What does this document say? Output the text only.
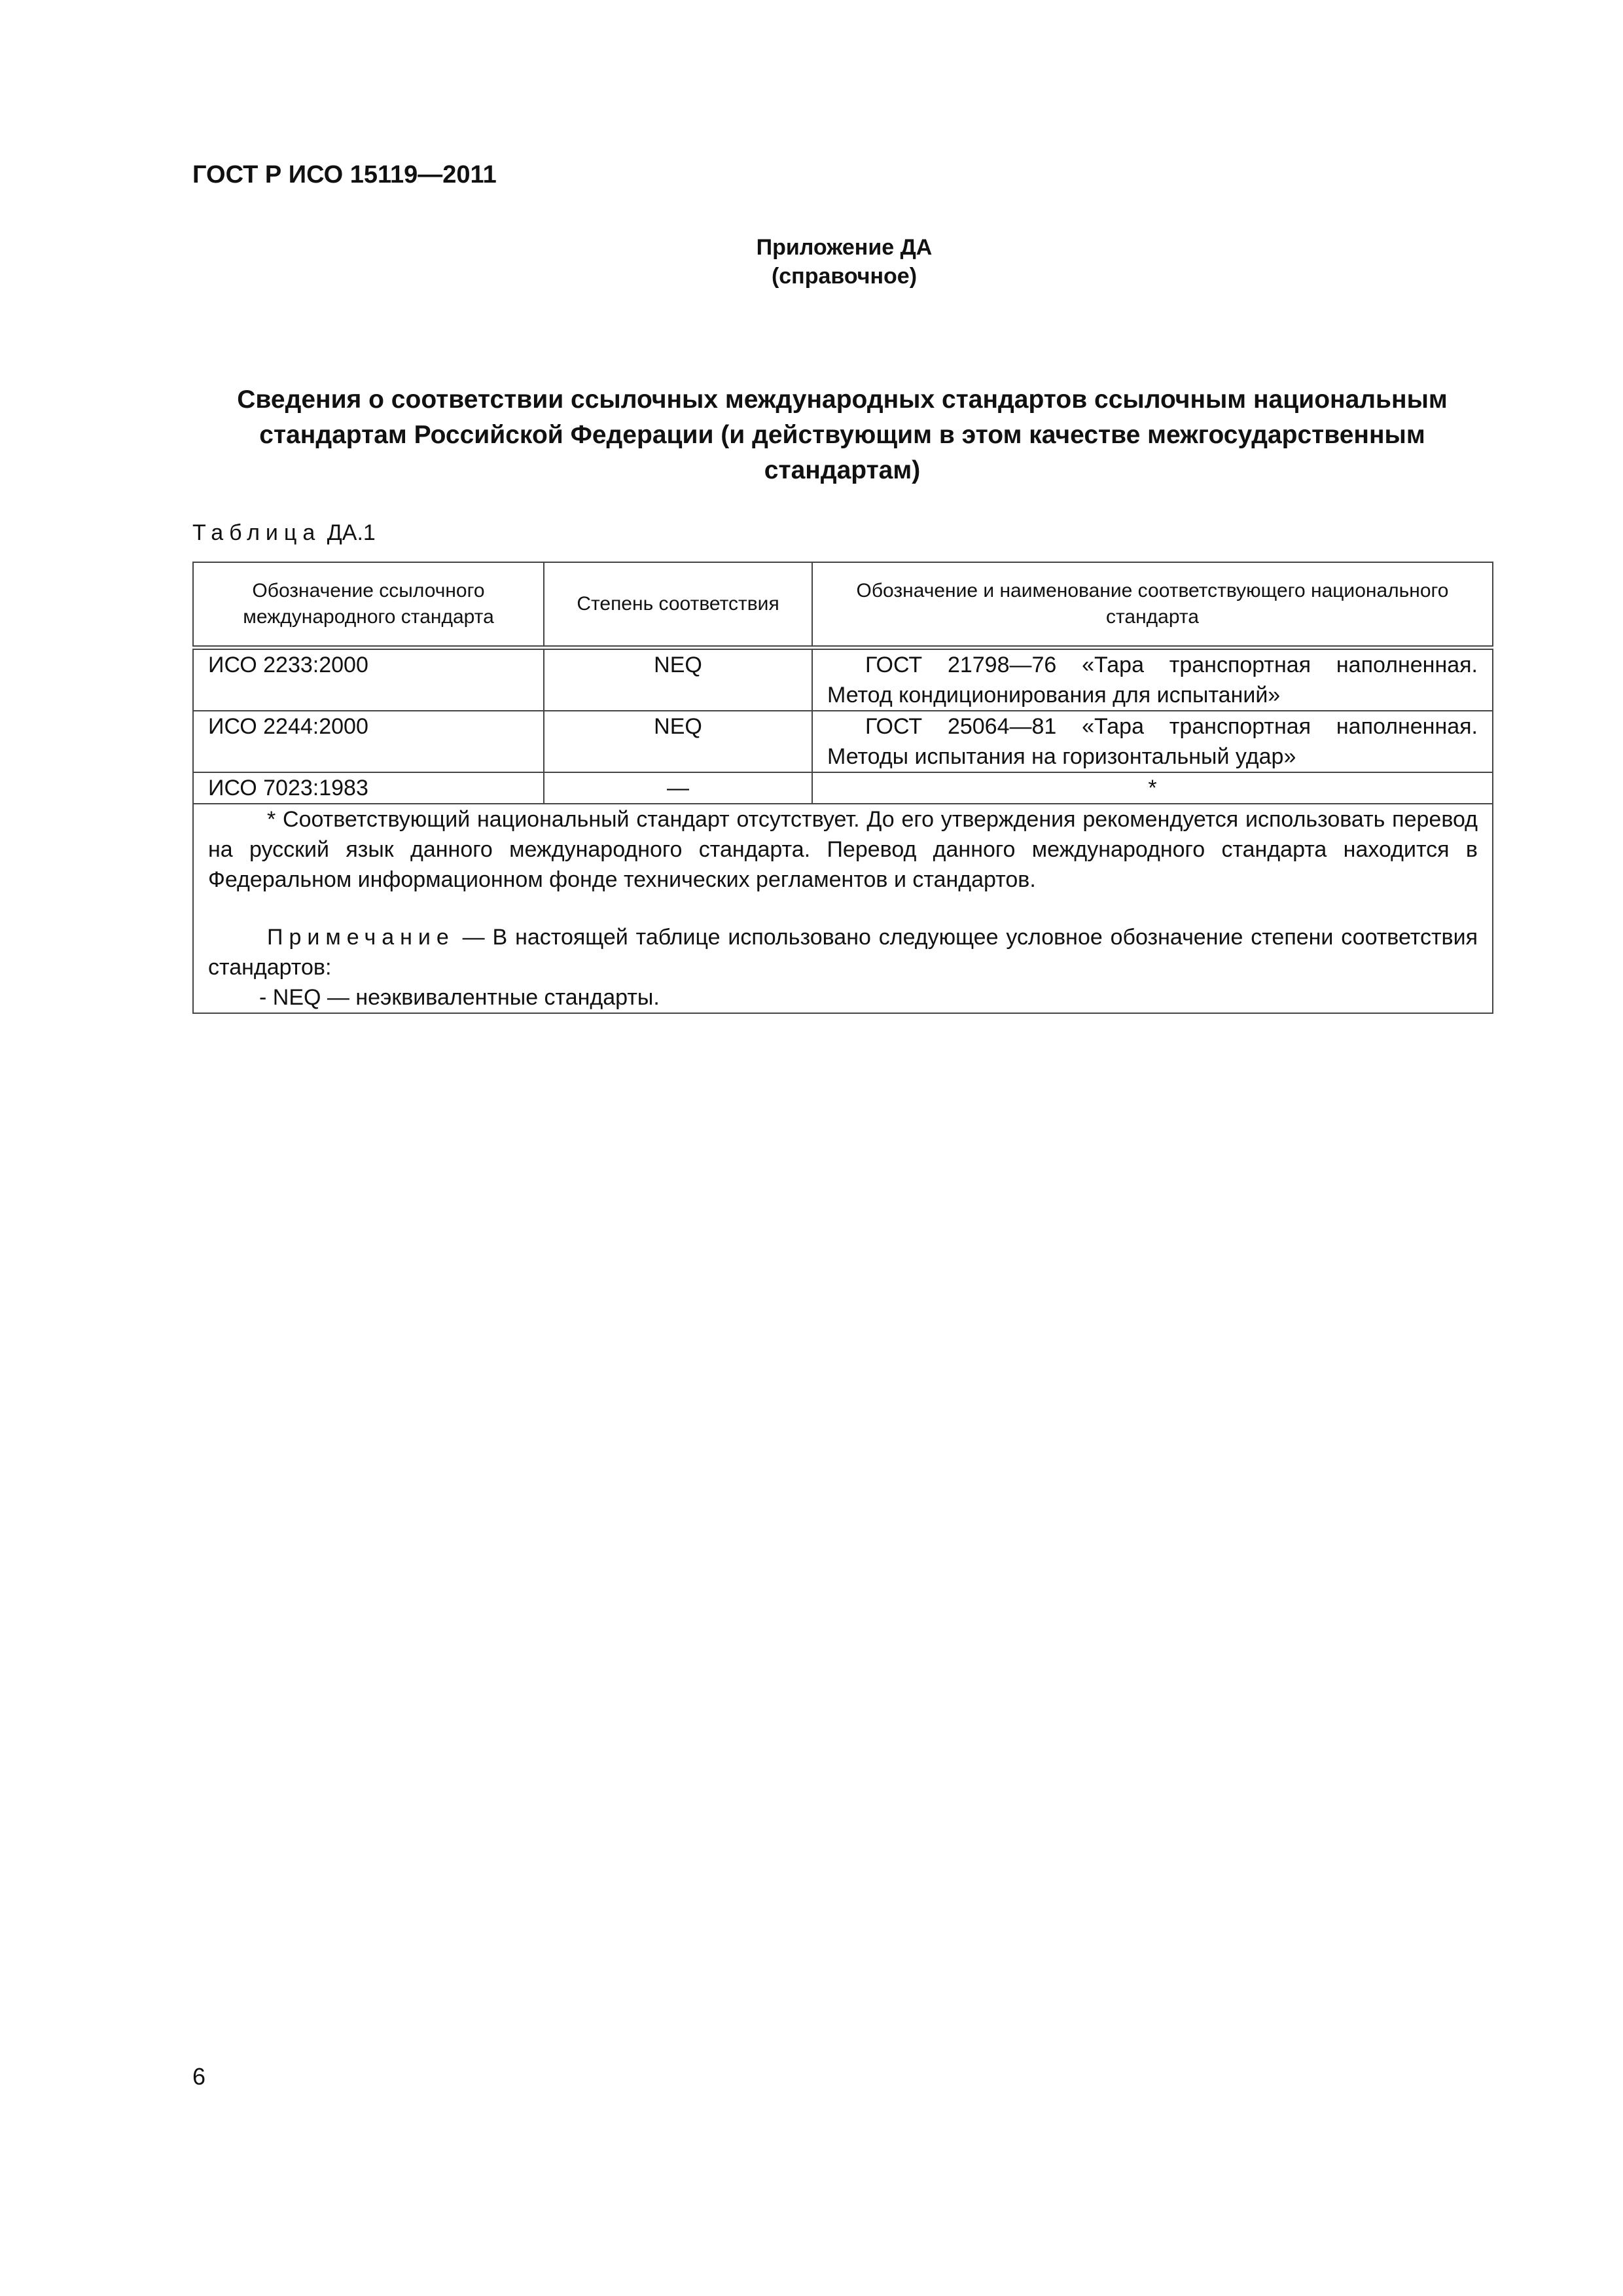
ГОСТ Р ИСО 15119—2011
Приложение ДА
(справочное)
Сведения о соответствии ссылочных международных стандартов ссылочным национальным стандартам Российской Федерации (и действующим в этом качестве межгосударственным стандартам)
Таблица ДА.1
Обозначение ссылочного международного стандарта	Степень соответствия	Обозначение и наименование соответствующего национального стандарта
ИСО 2233:2000	NEQ	ГОСТ 21798—76 «Тара транспортная наполненная.
Метод кондиционирования для испытаний»

ИСО 2244:2000	NEQ	ГОСТ 25064—81 «Тара транспортная наполненная.
Методы испытания на горизонтальный удар»

ИСО 7023:1983	—	*

* Соответствующий национальный стандарт отсутствует. До его утверждения рекомендуется использовать перевод на русский язык данного международного стандарта. Перевод данного международного стандарта находится в Федеральном информационном фонде технических регламентов и стандартов.

Примечание — В настоящей таблице использовано следующее условное обозначение степени соответствия стандартов:

- NEQ — неэквивалентные стандарты.		

6
